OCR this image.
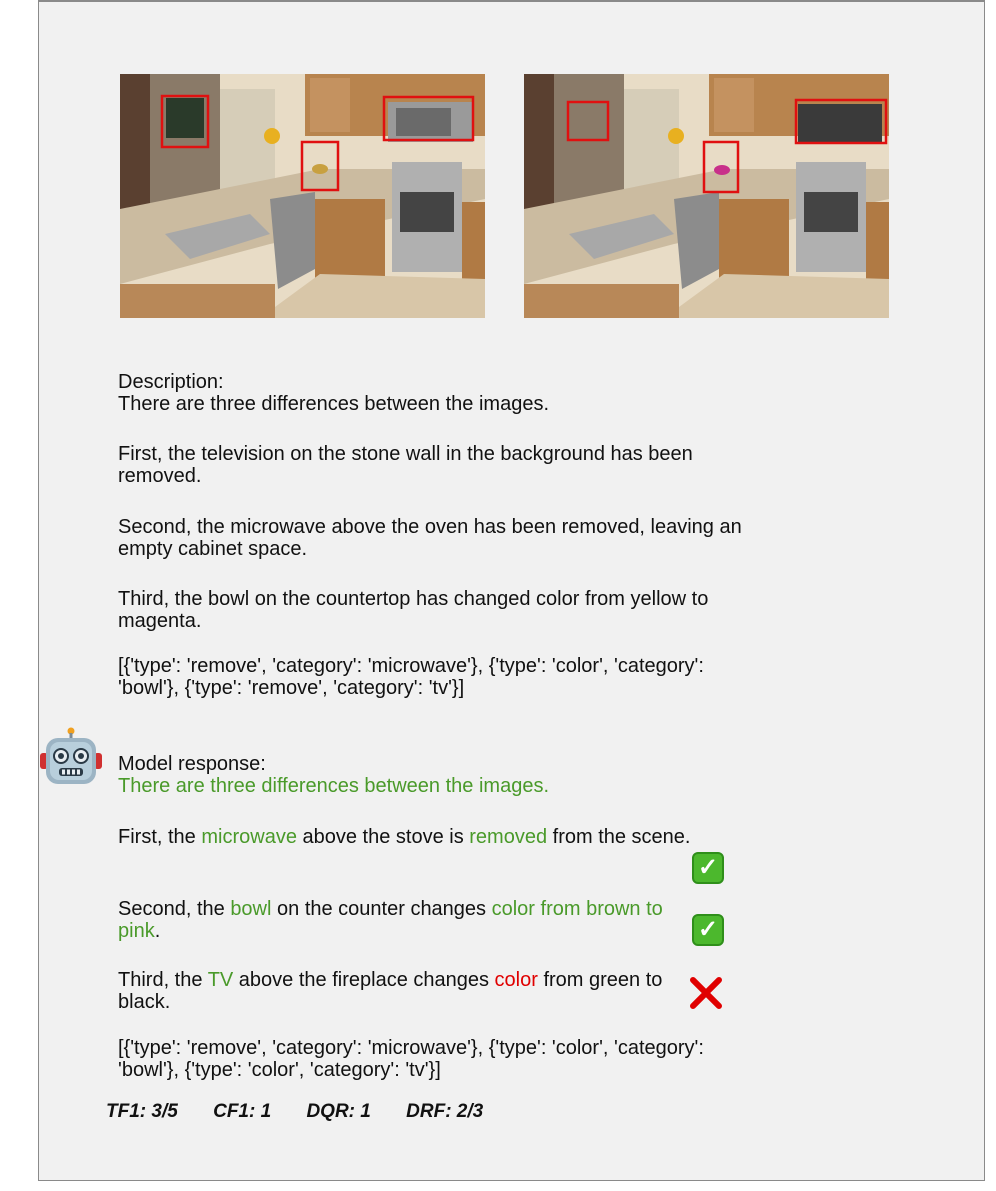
Description:
There are three differences between the images.
First, the television on the stone wall in the background has been removed.
Second, the microwave above the oven has been removed, leaving an empty cabinet space.
Third, the bowl on the countertop has changed color from yellow to magenta.
[{'type': 'remove', 'category': 'microwave'}, {'type': 'color', 'category': 'bowl'}, {'type': 'remove', 'category': 'tv'}]
Model response:
There are three differences between the images.
First, the microwave above the stove is removed from the scene.
Second, the bowl on the counter changes color from brown to pink.
Third, the TV above the fireplace changes color from green to black.
[{'type': 'remove', 'category': 'microwave'}, {'type': 'color', 'category': 'bowl'}, {'type': 'color', 'category': 'tv'}]
✓
✓
TF1: 3/5 CF1: 1 DQR: 1 DRF: 2/3
